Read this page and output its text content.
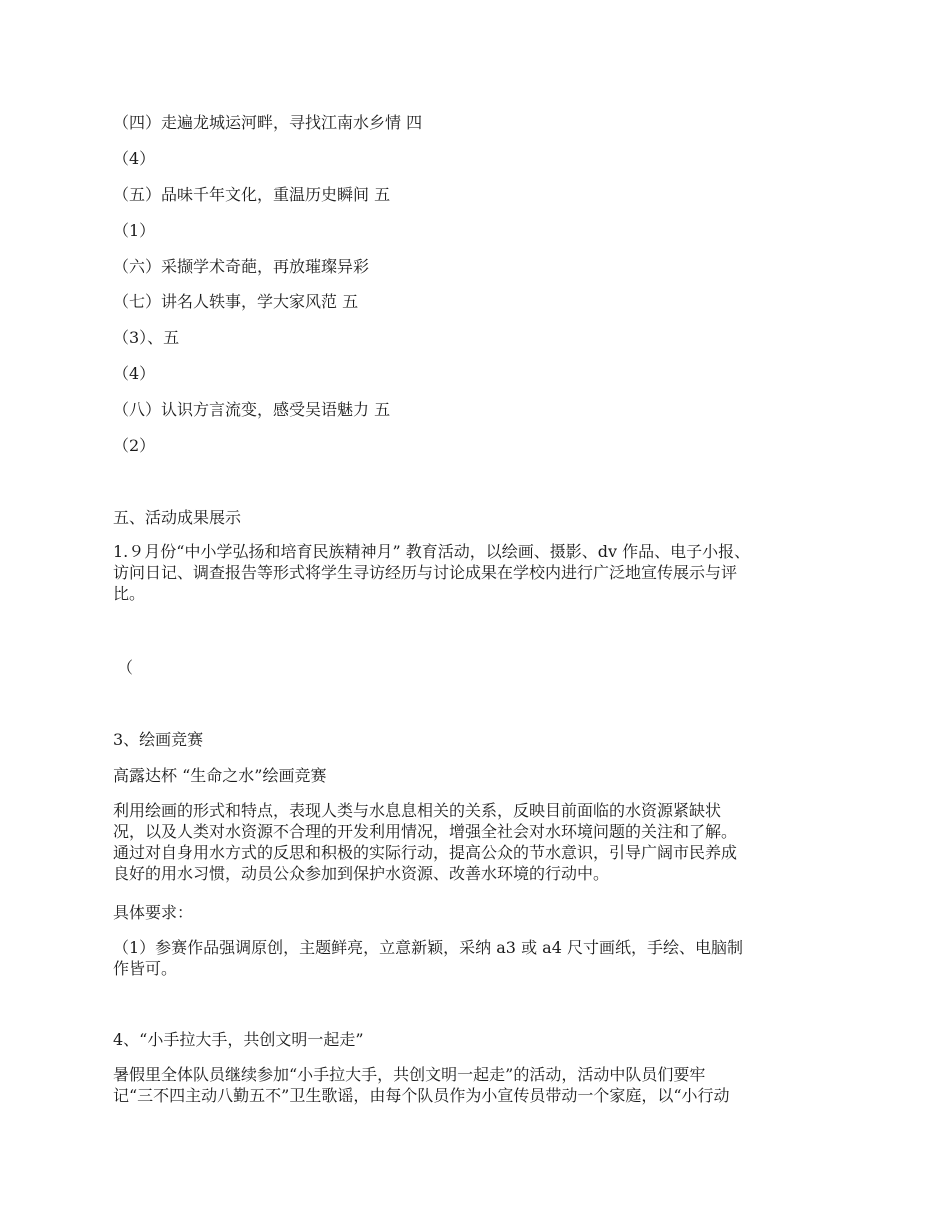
（四）走遍龙城运河畔，寻找江南水乡情 四
（4）
（五）品味千年文化，重温历史瞬间 五
（1）
（六）采撷学术奇葩，再放璀璨异彩
（七）讲名人轶事，学大家风范 五
（3）、五
（4）
（八）认识方言流变，感受吴语魅力 五
（2）
五、活动成果展示
1.９月份“中小学弘扬和培育民族精神月” 教育活动，以绘画、摄影、dv 作品、电子小报、
访问日记、调查报告等形式将学生寻访经历与讨论成果在学校内进行广泛地宣传展示与评
比。
（
3、绘画竞赛
高露达杯 “生命之水”绘画竞赛
利用绘画的形式和特点，表现人类与水息息相关的关系，反映目前面临的水资源紧缺状
况，以及人类对水资源不合理的开发利用情况，增强全社会对水环境问题的关注和了解。
通过对自身用水方式的反思和积极的实际行动，提高公众的节水意识，引导广阔市民养成
良好的用水习惯，动员公众参加到保护水资源、改善水环境的行动中。
具体要求：
（1）参赛作品强调原创，主题鲜亮，立意新颖，采纳 a3 或 a4 尺寸画纸，手绘、电脑制
作皆可。
4、“小手拉大手，共创文明一起走”
暑假里全体队员继续参加“小手拉大手，共创文明一起走”的活动，活动中队员们要牢
记“三不四主动八勤五不”卫生歌谣，由每个队员作为小宣传员带动一个家庭，以“小行动
